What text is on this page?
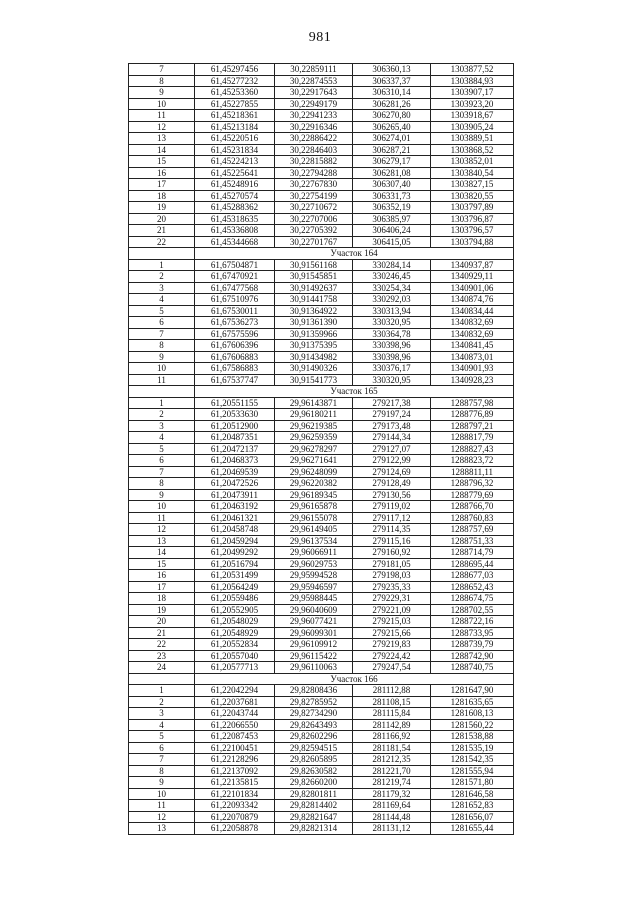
981
7	61,45297456	30,22859111	306360,13	1303877,52
8	61,45277232	30,22874553	306337,37	1303884,93
9	61,45253360	30,22917643	306310,14	1303907,17
10	61,45227855	30,22949179	306281,26	1303923,20
11	61,45218361	30,22941233	306270,80	1303918,67
12	61,45213184	30,22916346	306265,40	1303905,24
13	61,45220516	30,22886422	306274,01	1303889,51
14	61,45231834	30,22846403	306287,21	1303868,52
15	61,45224213	30,22815882	306279,17	1303852,01
16	61,45225641	30,22794288	306281,08	1303840,54
17	61,45248916	30,22767830	306307,40	1303827,15
18	61,45270574	30,22754199	306331,73	1303820,55
19	61,45288362	30,22710672	306352,19	1303797,89
20	61,45318635	30,22707006	306385,97	1303796,87
21	61,45336808	30,22705392	306406,24	1303796,57
22	61,45344668	30,22701767	306415,05	1303794,88
	Участок 164			
1	61,67504871	30,91561168	330284,14	1340937,87
2	61,67470921	30,91545851	330246,45	1340929,11
3	61,67477568	30,91492637	330254,34	1340901,06
4	61,67510976	30,91441758	330292,03	1340874,76
5	61,67530011	30,91364922	330313,94	1340834,44
6	61,67536273	30,91361390	330320,95	1340832,69
7	61,67575596	30,91359966	330364,78	1340832,69
8	61,67606396	30,91375395	330398,96	1340841,45
9	61,67606883	30,91434982	330398,96	1340873,01
10	61,67586883	30,91490326	330376,17	1340901,93
11	61,67537747	30,91541773	330320,95	1340928,23
	Участок 165			
1	61,20551155	29,96143871	279217,38	1288757,98
2	61,20533630	29,96180211	279197,24	1288776,89
3	61,20512900	29,96219385	279173,48	1288797,21
4	61,20487351	29,96259359	279144,34	1288817,79
5	61,20472137	29,96278297	279127,07	1288827,43
6	61,20468373	29,96271641	279122,99	1288823,72
7	61,20469539	29,96248099	279124,69	1288811,11
8	61,20472526	29,96220382	279128,49	1288796,32
9	61,20473911	29,96189345	279130,56	1288779,69
10	61,20463192	29,96165878	279119,02	1288766,70
11	61,20461321	29,96155078	279117,12	1288760,83
12	61,20458748	29,96149405	279114,35	1288757,69
13	61,20459294	29,96137534	279115,16	1288751,33
14	61,20499292	29,96066911	279160,92	1288714,79
15	61,20516794	29,96029753	279181,05	1288695,44
16	61,20531499	29,95994528	279198,03	1288677,03
17	61,20564249	29,95946597	279235,33	1288652,43
18	61,20559486	29,95988445	279229,31	1288674,75
19	61,20552905	29,96040609	279221,09	1288702,55
20	61,20548029	29,96077421	279215,03	1288722,16
21	61,20548929	29,96099301	279215,66	1288733,95
22	61,20552834	29,96109912	279219,83	1288739,79
23	61,20557040	29,96115422	279224,42	1288742,90
24	61,20577713	29,96110063	279247,54	1288740,75
	Участок 166			
1	61,22042294	29,82808436	281112,88	1281647,90
2	61,22037681	29,82785952	281108,15	1281635,65
3	61,22043744	29,82734290	281115,84	1281608,13
4	61,22066550	29,82643493	281142,89	1281560,22
5	61,22087453	29,82602296	281166,92	1281538,88
6	61,22100451	29,82594515	281181,54	1281535,19
7	61,22128296	29,82605895	281212,35	1281542,35
8	61,22137092	29,82630582	281221,70	1281555,94
9	61,22135815	29,82660200	281219,74	1281571,80
10	61,22101834	29,82801811	281179,32	1281646,58
11	61,22093342	29,82814402	281169,64	1281652,83
12	61,22070879	29,82821647	281144,48	1281656,07
13	61,22058878	29,82821314	281131,12	1281655,44
